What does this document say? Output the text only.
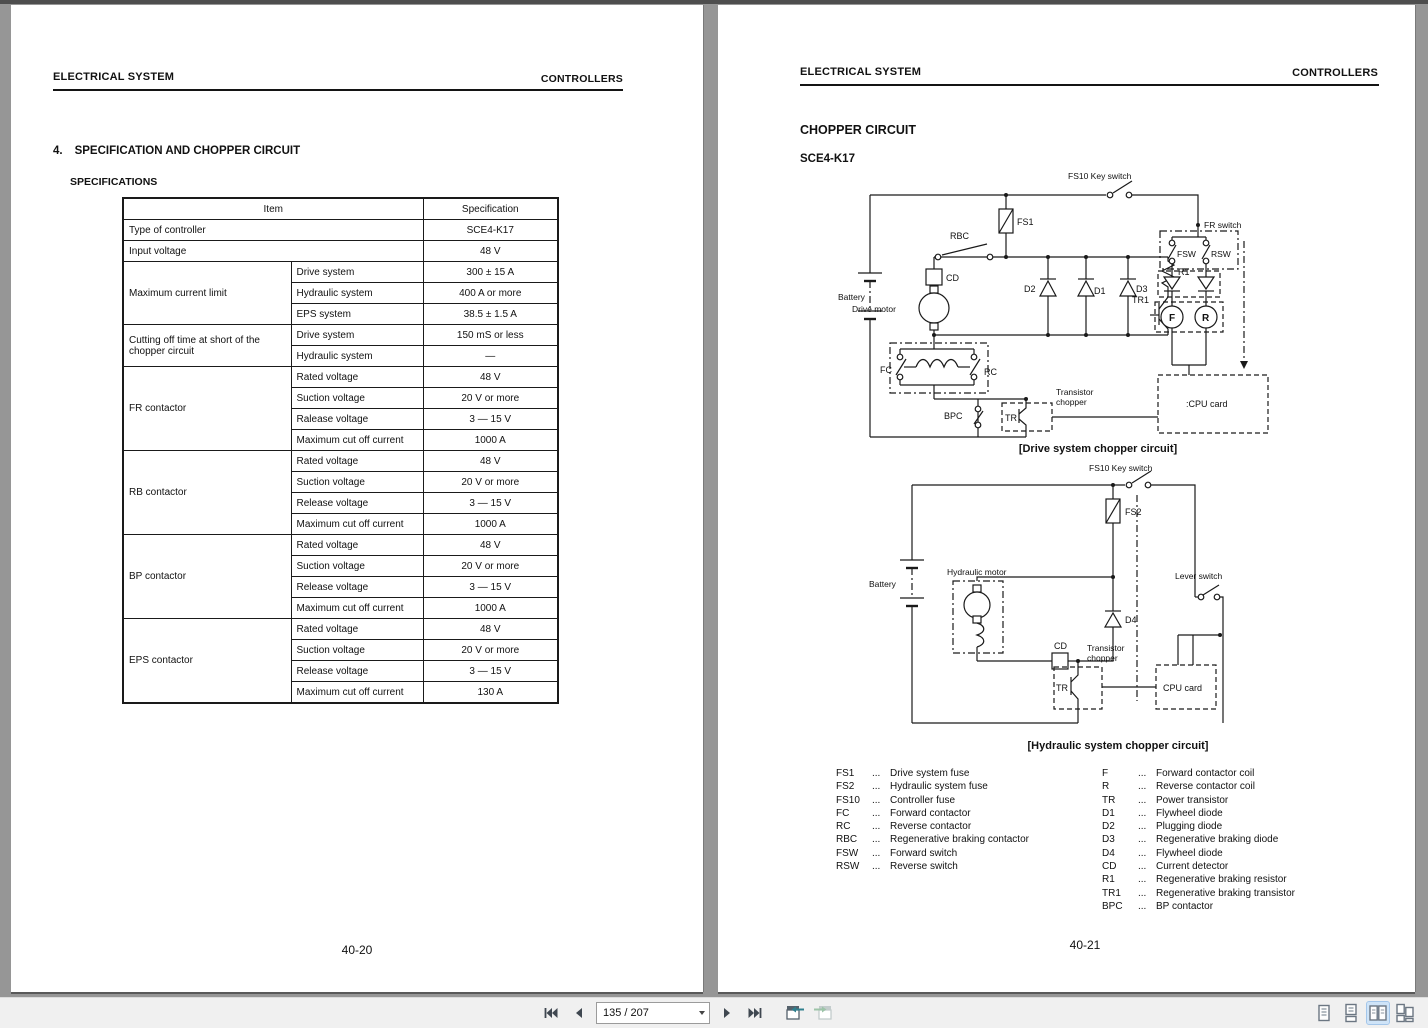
ELECTRICAL SYSTEM	CONTROLLERS
4. SPECIFICATION AND CHOPPER CIRCUIT
SPECIFICATIONS
Item		Specification
Type of controller		SCE4-K17
Input voltage		48 V
Maximum current limit	Drive system	300 ± 15 A
	Hydraulic system	400 A or more
	EPS system	38.5 ± 1.5 A
Cutting off time at short of the chopper circuit	Drive system	150 mS or less
	Hydraulic system	—
FR contactor	Rated voltage	48 V
	Suction voltage	20 V or more
	Ralease voltage	3 — 15 V
	Maximum cut off current	1000 A
RB contactor	Rated voltage	48 V
	Suction voltage	20 V or more
	Release voltage	3 — 15 V
	Maximum cut off current	1000 A
BP contactor	Rated voltage	48 V
	Suction voltage	20 V or more
	Release voltage	3 — 15 V
	Maximum cut off current	1000 A
EPS contactor	Rated voltage	48 V
	Suction voltage	20 V or more
	Release voltage	3 — 15 V
	Maximum cut off current	130 A
40-20
ELECTRICAL SYSTEM	CONTROLLERS
CHOPPER CIRCUIT
SCE4-K17
Battery
FS10 Key switch
FR switch
FS1
RBC
CD
Drive motor
D2	D1	D3
R1
TR1
FC	RC
BPC	TR
Transistor
chopper	:CPU card
FSW RSW
F	R
[Drive system chopper circuit]
Battery
FS10 Key switch
FS2
Hydraulic motor
CD
D4
TR
Transistor
chopper
CPU card
Lever switch
[Hydraulic system chopper circuit]
FS1	... Drive system fuse
FS2	... Hydraulic system fuse
FS10	... Controller fuse
FC	... Forward contactor
RC	... Reverse contactor
RBC	... Regenerative braking contactor
FSW	... Forward switch
RSW	... Reverse switch
F	... Forward contactor coil
R	... Reverse contactor coil
TR	... Power transistor
D1	... Flywheel diode
D2	... Plugging diode
D3	... Regenerative braking diode
D4	... Flywheel diode
CD	... Current detector
R1	... Regenerative braking resistor
TR1	... Regenerative braking transistor
BPC	... BP contactor
40-21
135 / 207
